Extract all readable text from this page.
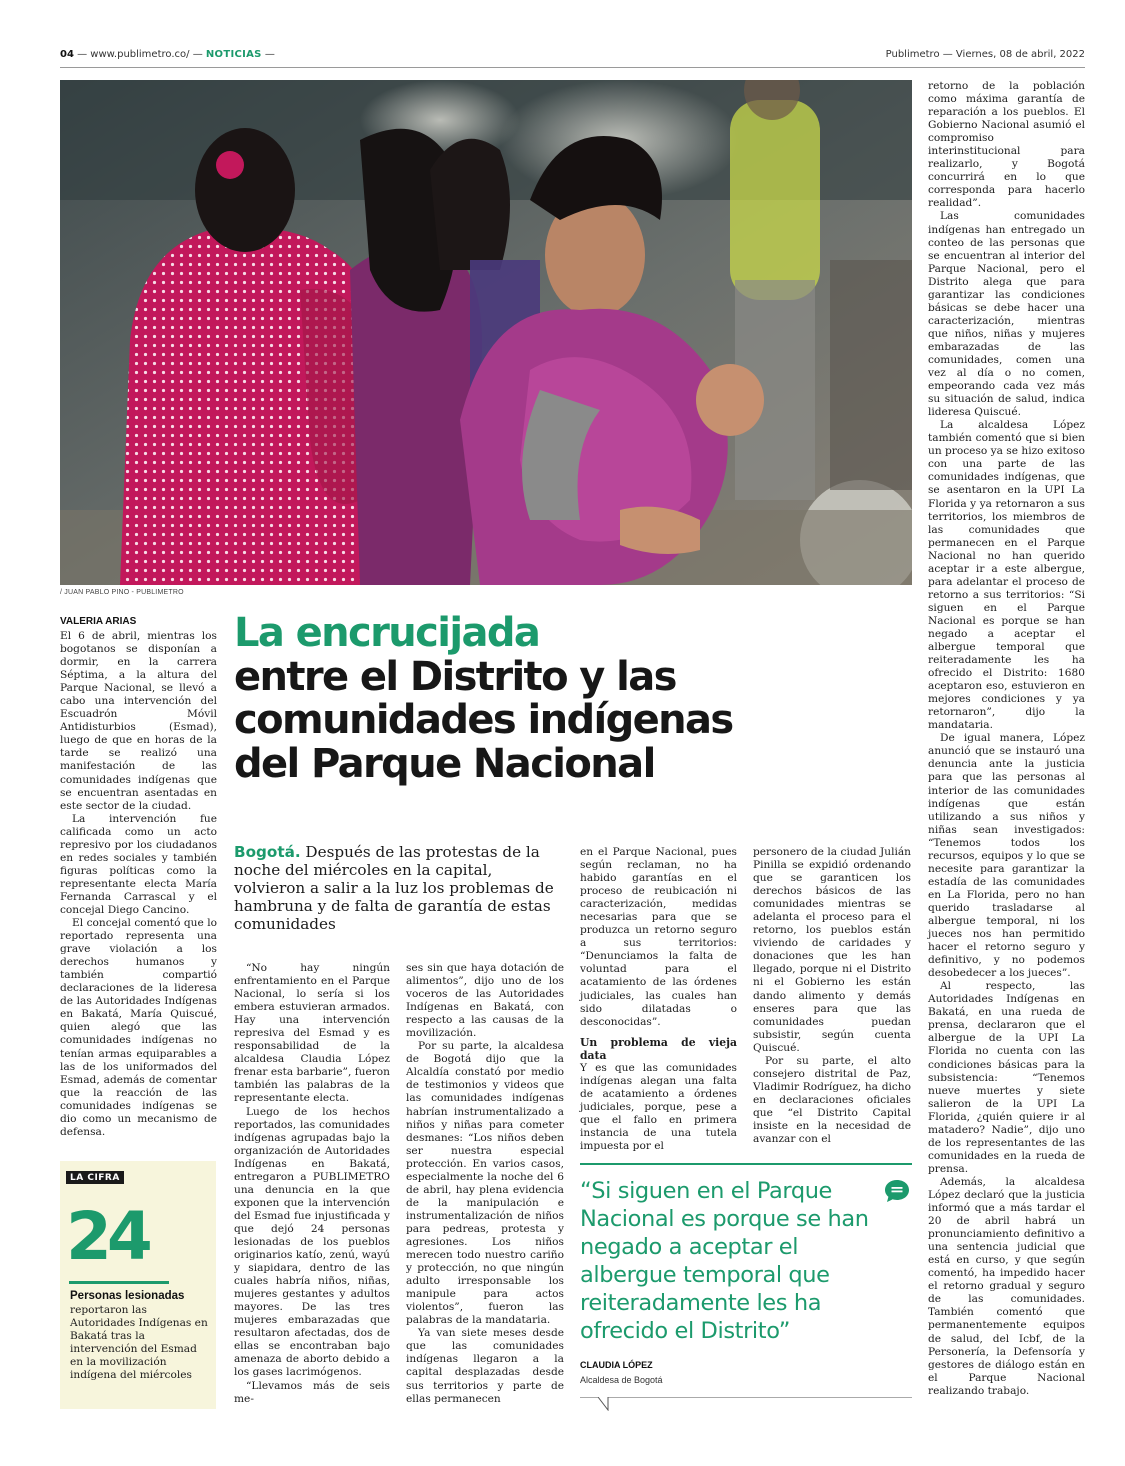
04 — www.publimetro.co/ — NOTICIAS —	Publimetro — Viernes, 08 de abril, 2022
/ JUAN PABLO PINO - PUBLIMETRO
VALERIA ARIAS

El 6 de abril, mientras los bogotanos se disponían a dormir, en la carrera Séptima, a la altura del Parque Nacional, se llevó a cabo una intervención del Escuadrón Móvil Antidisturbios (Esmad), luego de que en horas de la tarde se realizó una manifestación de las comunidades indígenas que se encuentran asentadas en este sector de la ciudad.

La intervención fue calificada como un acto represivo por los ciudadanos en redes sociales y también figuras políticas como la representante electa María Fernanda Carrascal y el concejal Diego Cancino.

El concejal comentó que lo reportado representa una grave violación a los derechos humanos y también compartió declaraciones de la lideresa de las Autoridades Indígenas en Bakatá, María Quiscué, quien alegó que las comunidades indígenas no tenían armas equiparables a las de los uniformados del Esmad, además de comentar que la reacción de las comunidades indígenas se dio como un mecanismo de defensa.

La encrucijada
entre el Distrito y las
comunidades indígenas
del Parque Nacional
Bogotá. Después de las protestas de la noche del miércoles en la capital, volvieron a salir a la luz los problemas de hambruna y de falta de garantía de estas comunidades

“No hay ningún enfrentamiento en el Parque Nacional, lo sería si los embera estuvieran armados. Hay una intervención represiva del Esmad y es responsabilidad de la alcaldesa Claudia López frenar esta barbarie”, fueron también las palabras de la representante electa.

Luego de los hechos reportados, las comunidades indígenas agrupadas bajo la organización de Autoridades Indígenas en Bakatá, entregaron a PUBLIMETRO una denuncia en la que exponen que la intervención del Esmad fue injustificada y que dejó 24 personas lesionadas de los pueblos originarios katío, zenú, wayú y siapidara, dentro de las cuales habría niños, niñas, mujeres gestantes y adultos mayores. De las tres mujeres embarazadas que resultaron afectadas, dos de ellas se encontraban bajo amenaza de aborto debido a los gases lacrimógenos.

“Llevamos más de seis me-

ses sin que haya dotación de alimentos”, dijo uno de los voceros de las Autoridades Indígenas en Bakatá, con respecto a las causas de la movilización.

Por su parte, la alcaldesa de Bogotá dijo que la Alcaldía constató por medio de testimonios y videos que las comunidades indígenas habrían instrumentalizado a niños y niñas para cometer desmanes: “Los niños deben ser nuestra especial protección. En varios casos, especialmente la noche del 6 de abril, hay plena evidencia de la manipulación e instrumentalización de niños para pedreas, protesta y agresiones. Los niños merecen todo nuestro cariño y protección, no que ningún adulto irresponsable los manipule para actos violentos”, fueron las palabras de la mandataria.

Ya van siete meses desde que las comunidades indígenas llegaron a la capital desplazadas desde sus territorios y parte de ellas permanecen

en el Parque Nacional, pues según reclaman, no ha habido garantías en el proceso de reubicación ni caracterización, medidas necesarias para que se produzca un retorno seguro a sus territorios: “Denunciamos la falta de voluntad para el acatamiento de las órdenes judiciales, las cuales han sido dilatadas o desconocidas”.

Un problema de vieja data

Y es que las comunidades indígenas alegan una falta de acatamiento a órdenes judiciales, porque, pese a que el fallo en primera instancia de una tutela impuesta por el

personero de la ciudad Julián Pinilla se expidió ordenando que se garanticen los derechos básicos de las comunidades mientras se adelanta el proceso para el retorno, los pueblos están viviendo de caridades y donaciones que les han llegado, porque ni el Distrito ni el Gobierno les están dando alimento y demás enseres para que las comunidades puedan subsistir, según cuenta Quiscué.

Por su parte, el alto consejero distrital de Paz, Vladimir Rodríguez, ha dicho en declaraciones oficiales que “el Distrito Capital insiste en la necesidad de avanzar con el

retorno de la población como máxima garantía de reparación a los pueblos. El Gobierno Nacional asumió el compromiso interinstitucional para realizarlo, y Bogotá concurrirá en lo que corresponda para hacerlo realidad”.

Las comunidades indígenas han entregado un conteo de las personas que se encuentran al interior del Parque Nacional, pero el Distrito alega que para garantizar las condiciones básicas se debe hacer una caracterización, mientras que niños, niñas y mujeres embarazadas de las comunidades, comen una vez al día o no comen, empeorando cada vez más su situación de salud, indica lideresa Quiscué.

La alcaldesa López también comentó que si bien un proceso ya se hizo exitoso con una parte de las comunidades indígenas, que se asentaron en la UPI La Florida y ya retornaron a sus territorios, los miembros de las comunidades que permanecen en el Parque Nacional no han querido aceptar ir a este albergue, para adelantar el proceso de retorno a sus territorios: “Si siguen en el Parque Nacional es porque se han negado a aceptar el albergue temporal que reiteradamente les ha ofrecido el Distrito: 1680 aceptaron eso, estuvieron en mejores condiciones y ya retornaron”, dijo la mandataria.

De igual manera, López anunció que se instauró una denuncia ante la justicia para que las personas al interior de las comunidades indígenas que están utilizando a sus niños y niñas sean investigados: “Tenemos todos los recursos, equipos y lo que se necesite para garantizar la estadía de las comunidades en La Florida, pero no han querido trasladarse al albergue temporal, ni los jueces nos han permitido hacer el retorno seguro y definitivo, y no podemos desobedecer a los jueces”.

Al respecto, las Autoridades Indígenas en Bakatá, en una rueda de prensa, declararon que el albergue de la UPI La Florida no cuenta con las condiciones básicas para la subsistencia: “Tenemos nueve muertes y siete salieron de la UPI La Florida, ¿quién quiere ir al matadero? Nadie”, dijo uno de los representantes de las comunidades en la rueda de prensa.

Además, la alcaldesa López declaró que la justicia informó que a más tardar el 20 de abril habrá un pronunciamiento definitivo a una sentencia judicial que está en curso, y que según comentó, ha impedido hacer el retorno gradual y seguro de las comunidades. También comentó que permanentemente equipos de salud, del Icbf, de la Personería, la Defensoría y gestores de diálogo están en el Parque Nacional realizando trabajo.

LA CIFRA
24
Personas lesionadas
reportaron las Autoridades Indígenas en Bakatá tras la intervención del Esmad en la movilización indígena del miércoles
“Si siguen en el Parque Nacional es porque se han negado a aceptar el albergue temporal que reiteradamente les ha ofrecido el Distrito”
CLAUDIA LÓPEZ
Alcaldesa de Bogotá
